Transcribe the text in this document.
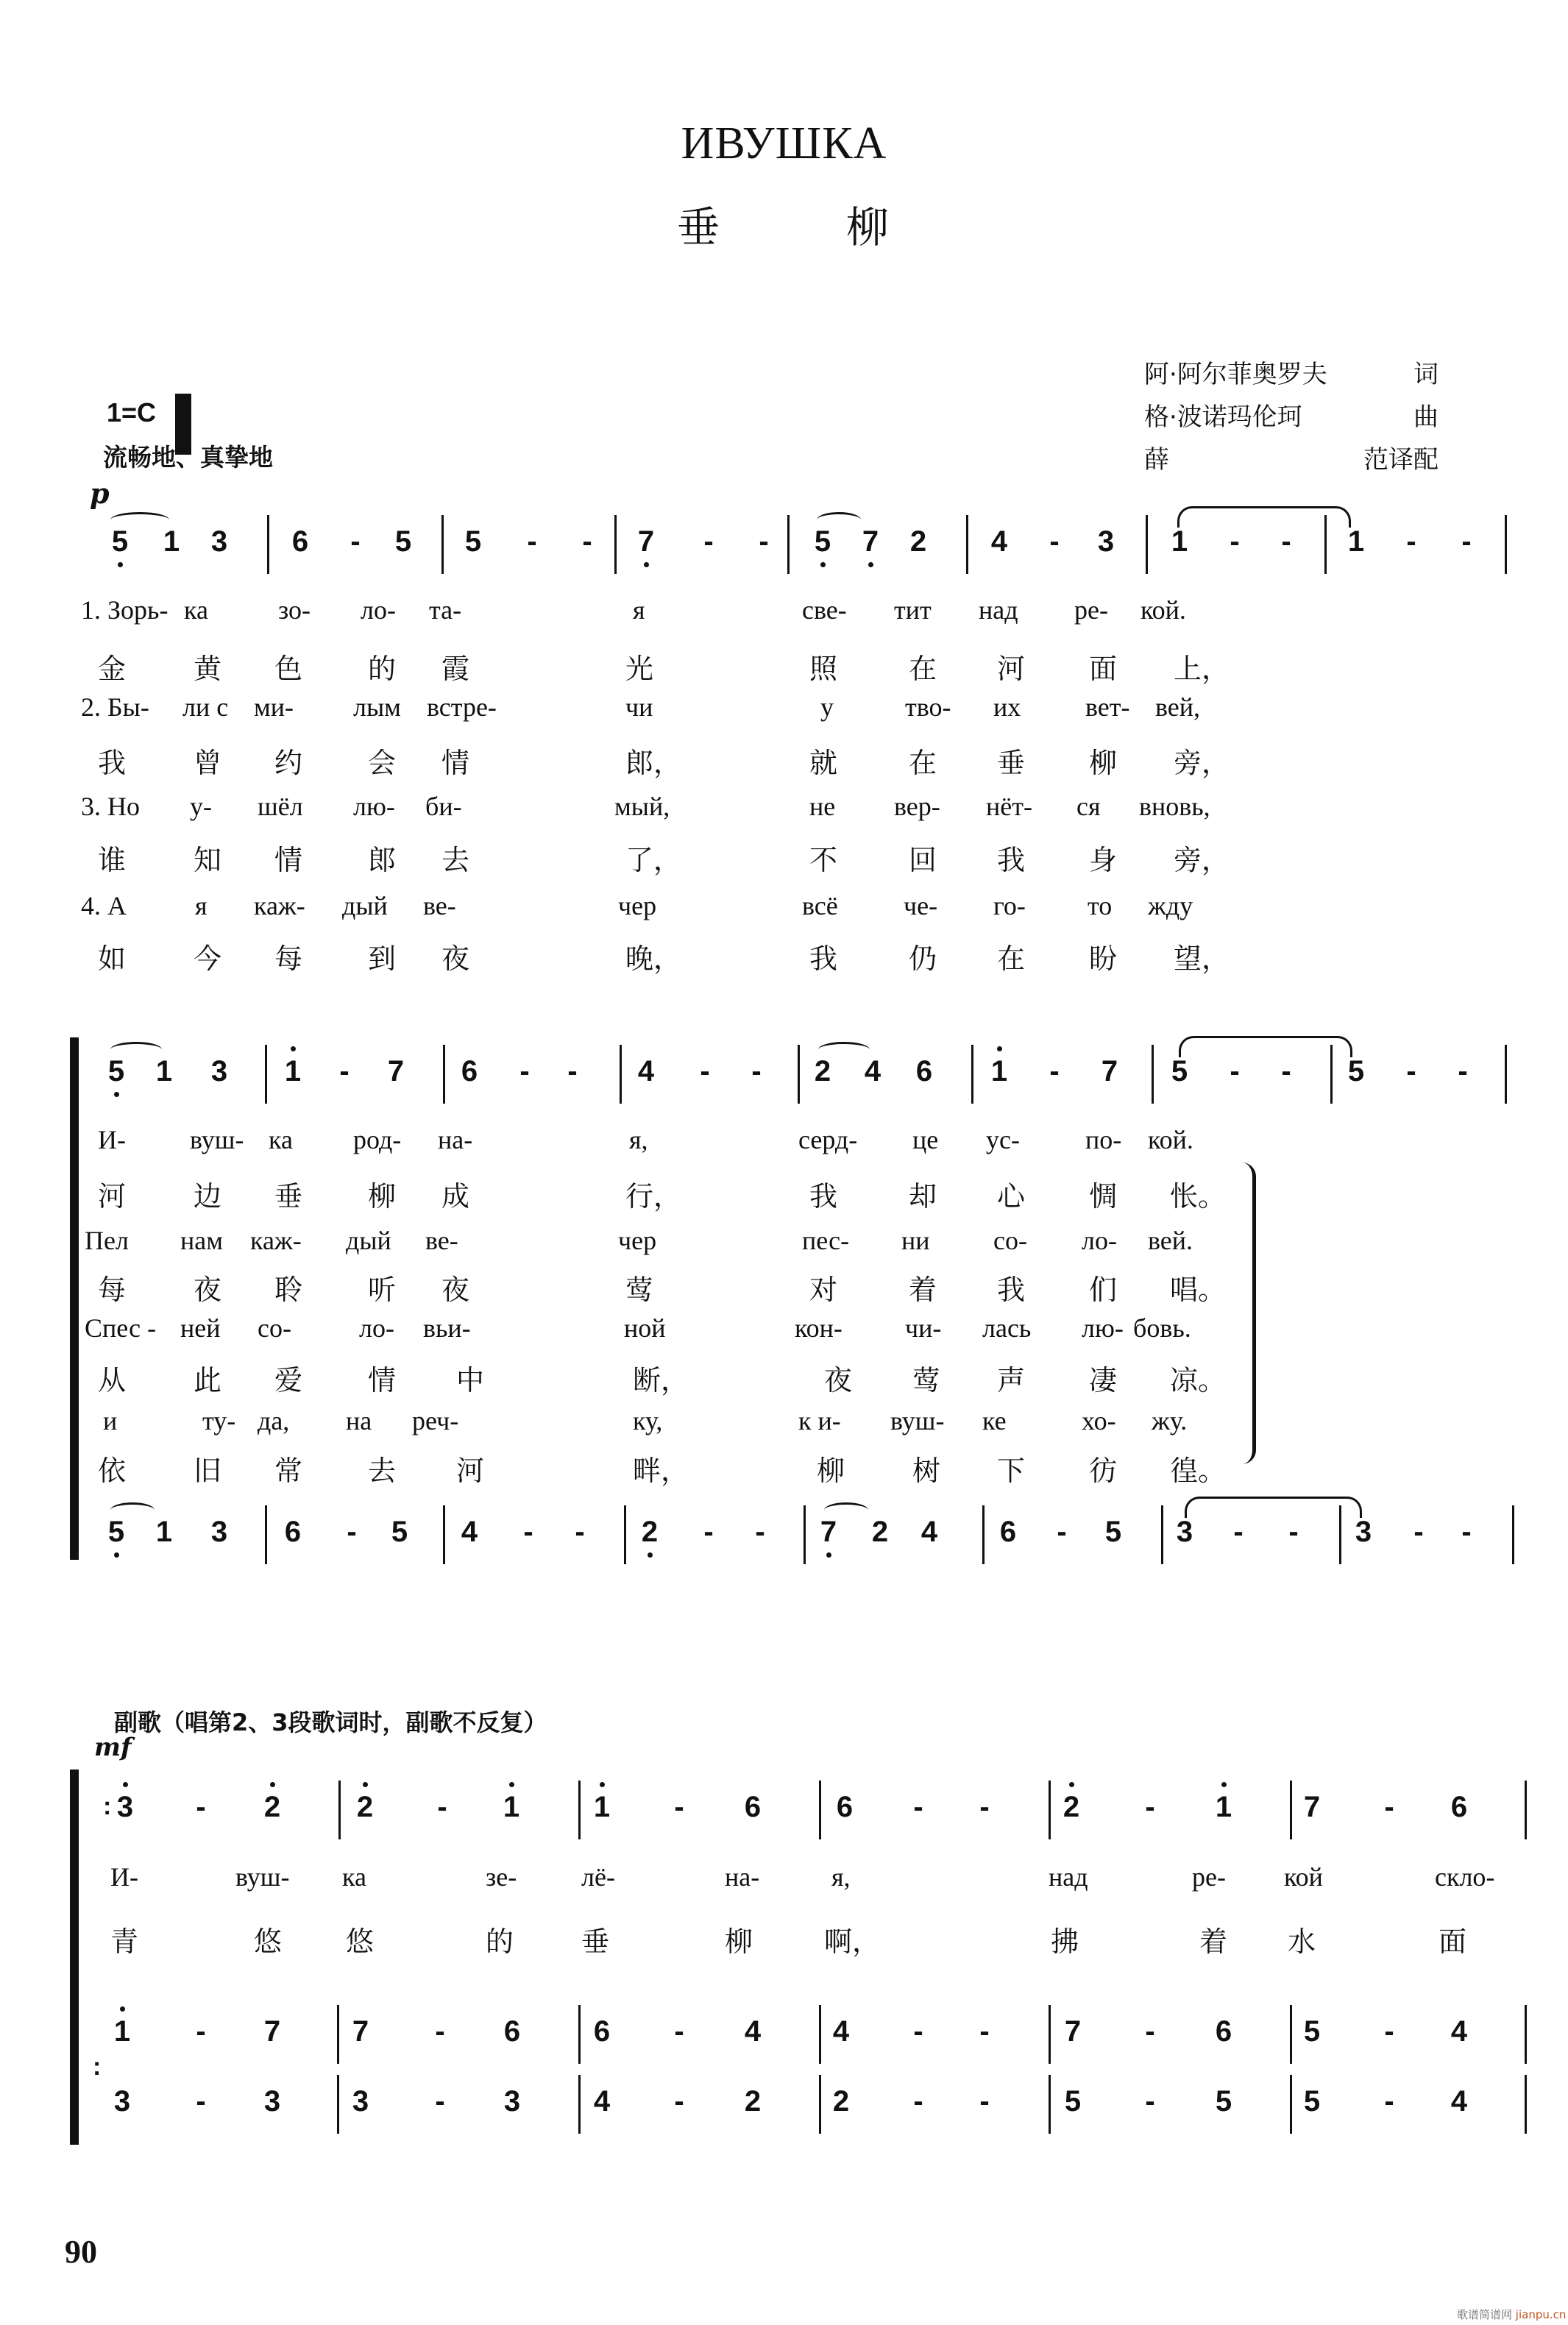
ИВУШКА
垂	柳
阿·阿尔菲奥罗夫	词
格·波诺玛伦珂	曲
薛	范译配
1=C
流畅地、真挚地
p
5 1 3 6 - 5 5 - - 7 - - 5 7 2 4 - 3 1 - - 1 - -
1. Зорь- ка	зо- ло- та-	я	све- тит над ре- кой.
金 黄 色 的 霞	光	照	在 河 面 上，
2. Бы- ли с ми- лым встре-	чи	у	тво- их вет- вей,
我 曾 约 会 情	郎，	就	在 垂 柳 旁，
3. Но у- шёл лю- би-	мый,	не вер- нёт- ся вновь,
谁 知 情 郎 去	了，	不	回 我 身 旁，
4. А	я каж- дый ве-	чер	всё че- го- то жду
如 今 每 到 夜	晚，	我	仍 在 盼 望，
5 1 3 1 - 7 6 - - 4 - - 2 4 6 1 - 7 5 - - 5 - -
И- вуш- ка род- на-	я,	серд- це ус- по- кой.
河 边 垂 柳 成	行，	我	却 心 惆 怅。
Пел нам каж- дый ве-	чер	пес- ни со- ло- вей.
每 夜 聆 听 夜	莺	对	着 我 们 唱。
Спес - ней со-	ло- вьи-	ной	кон- чи- лась лю- бовь.
从 此 爱 情 中	断，	夜 莺 声 凄 凉。
и	ту- да, на реч-	ку,	к и- вуш- ке	хо- жу.
依 旧 常 去 河	畔，	柳 树 下 彷 徨。
5 1 3 6 - 5 4 - - 2 - - 7 2 4 6 - 5 3 - - 3 - -
副歌（唱第2、3段歌词时，副歌不反复）
mf
: 3 - 2	2 - 1	1 - 6	6 - -	2 - 1 7 - 6
И-	вуш- ка	зе- лё-	на-	я,	над	ре- кой	скло-
青	悠 悠	的 垂	柳	啊，	拂	着 水	面
1 - 7 7 - 6 6 - 4 4 - -	7 - 6 5 - 4
:
3 - 3 3 - 3 4 - 2 2 - -	5 - 5 5 - 4
90
歌谱简谱网 jianpu.cn
